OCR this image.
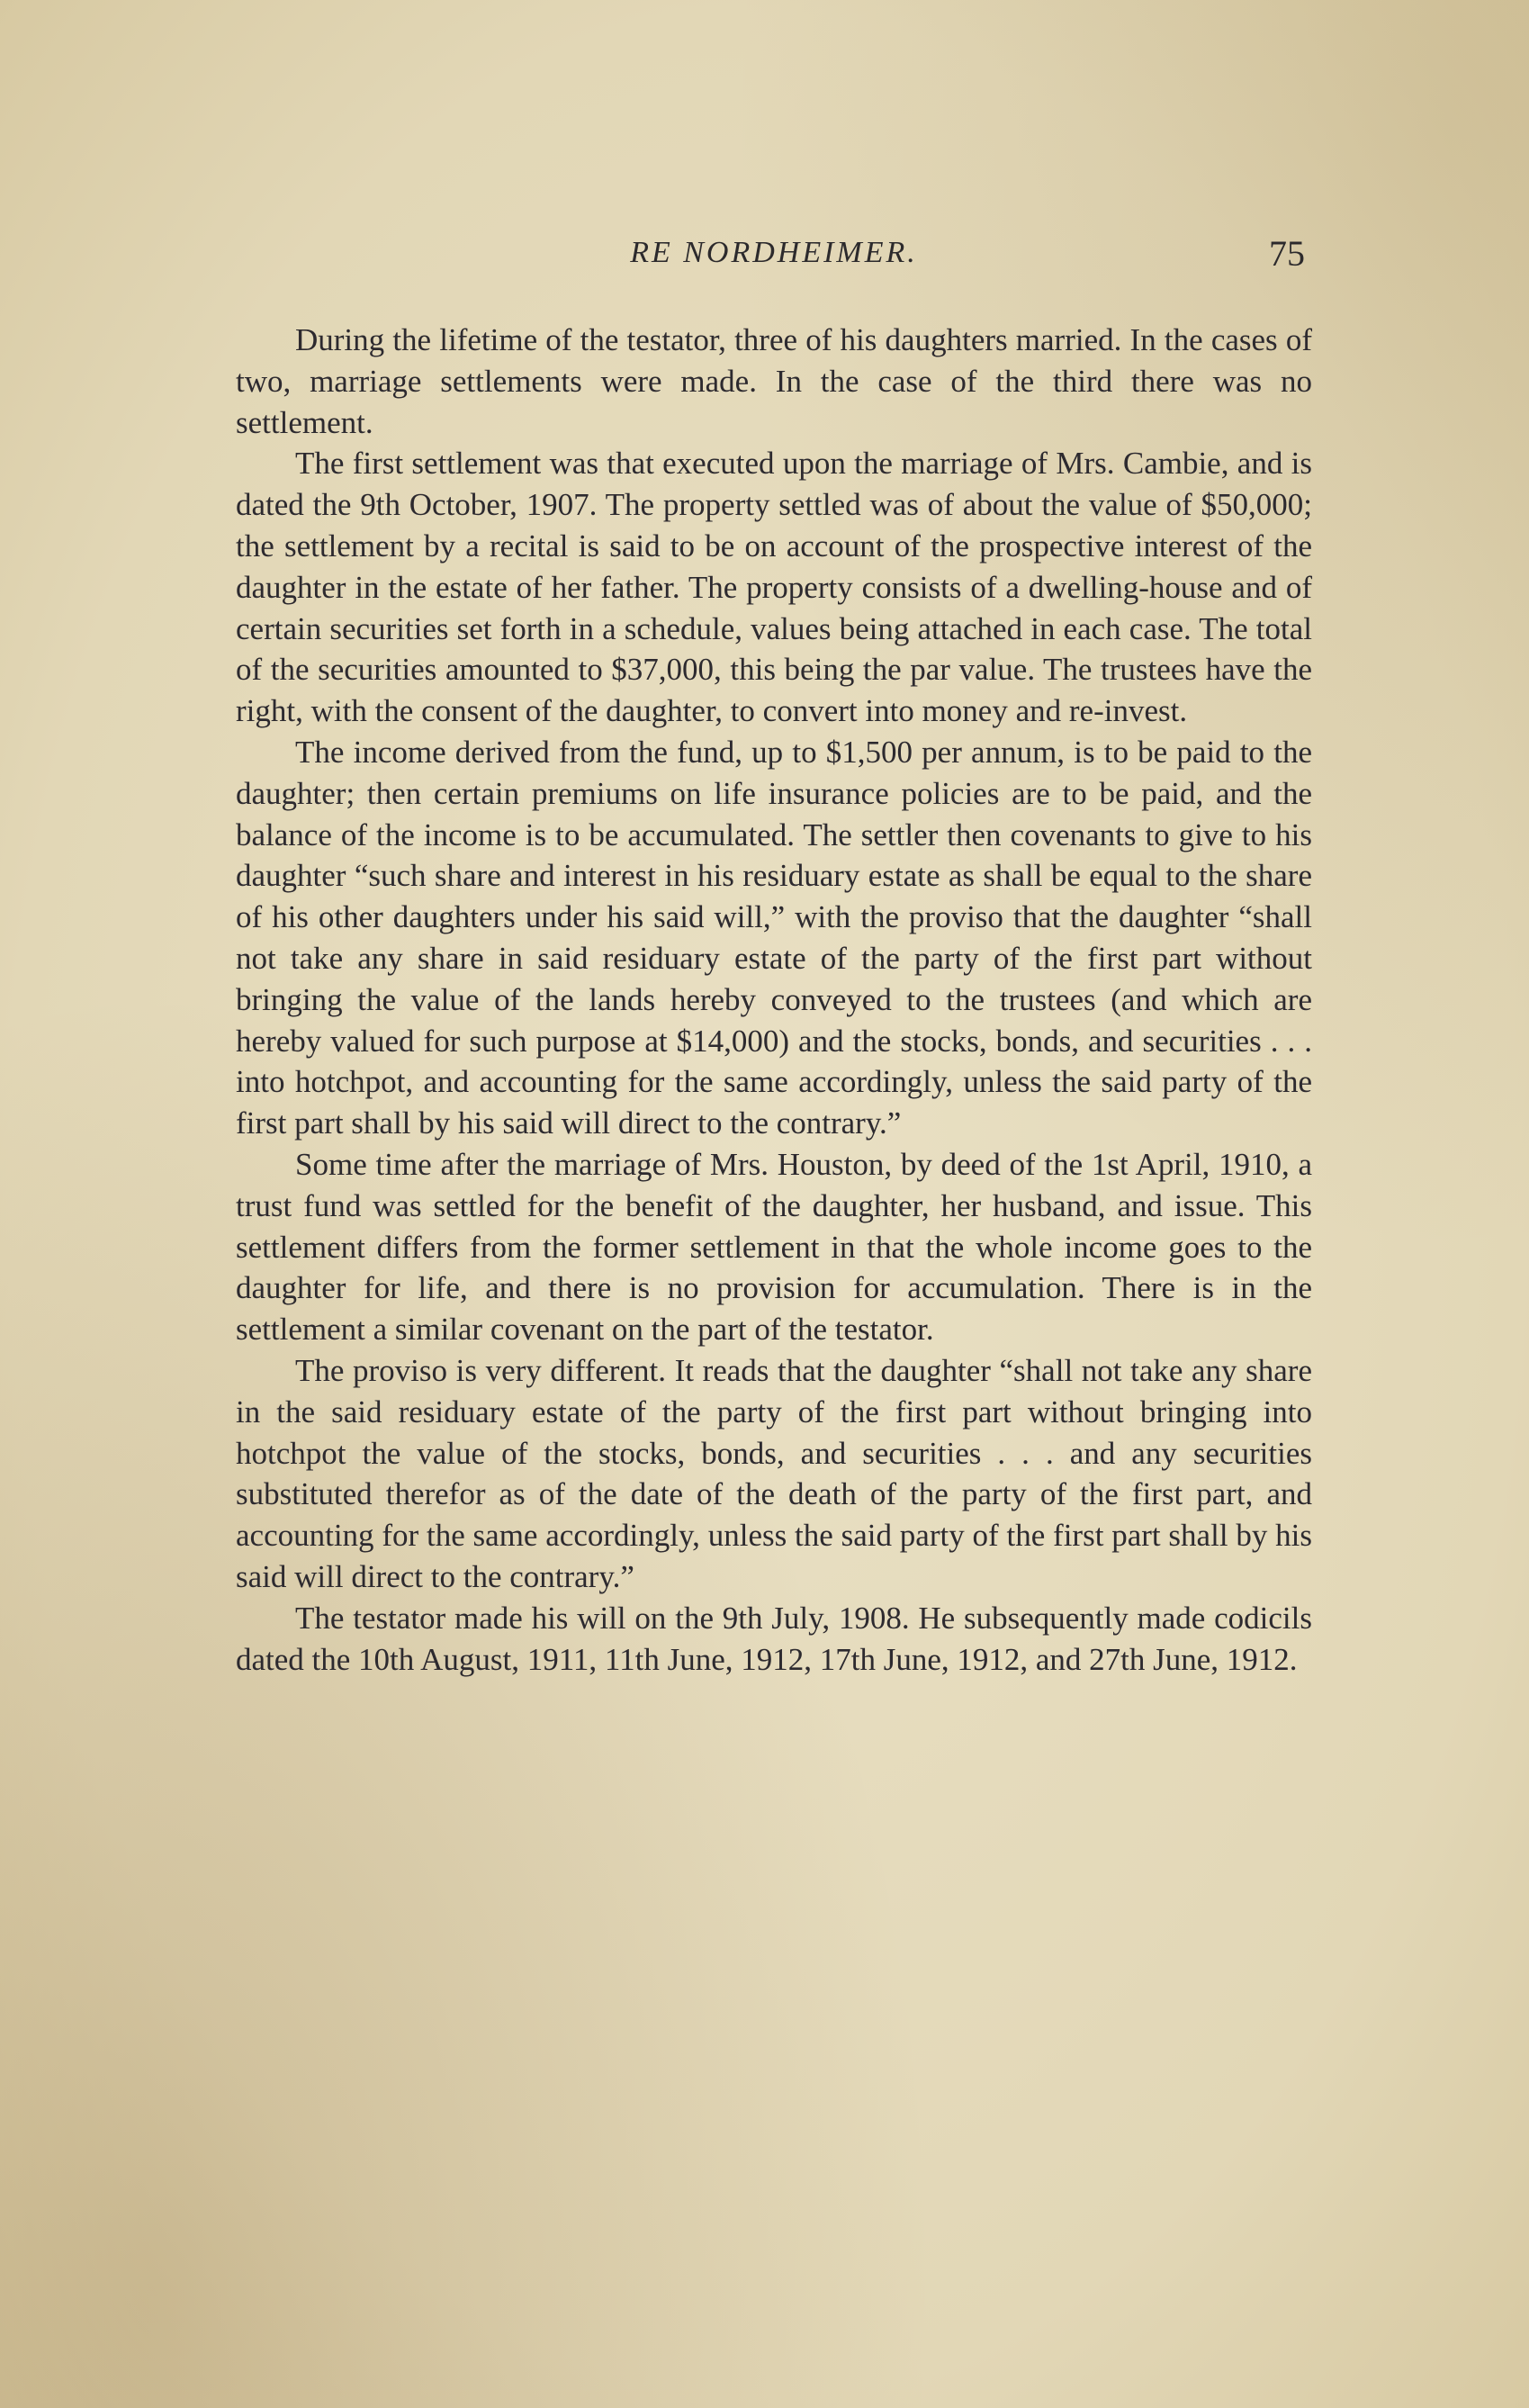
RE NORDHEIMER.	75

During the lifetime of the testator, three of his daughters married. In the cases of two, marriage settlements were made. In the case of the third there was no settlement.

The first settlement was that executed upon the marriage of Mrs. Cambie, and is dated the 9th October, 1907. The property settled was of about the value of $50,000; the settlement by a recital is said to be on account of the prospective interest of the daughter in the estate of her father. The property consists of a dwelling-house and of certain securities set forth in a schedule, values being attached in each case. The total of the securities amounted to $37,000, this being the par value. The trustees have the right, with the consent of the daughter, to convert into money and re-invest.

The income derived from the fund, up to $1,500 per annum, is to be paid to the daughter; then certain premiums on life insurance policies are to be paid, and the balance of the income is to be accumulated. The settler then covenants to give to his daughter “such share and interest in his residuary estate as shall be equal to the share of his other daughters under his said will,” with the proviso that the daughter “shall not take any share in said residuary estate of the party of the first part without bringing the value of the lands hereby conveyed to the trustees (and which are hereby valued for such purpose at $14,000) and the stocks, bonds, and securities . . . into hotchpot, and accounting for the same accordingly, unless the said party of the first part shall by his said will direct to the contrary.”

Some time after the marriage of Mrs. Houston, by deed of the 1st April, 1910, a trust fund was settled for the benefit of the daughter, her husband, and issue. This settlement differs from the former settlement in that the whole income goes to the daughter for life, and there is no provision for accumulation. There is in the settlement a similar covenant on the part of the testator.

The proviso is very different. It reads that the daughter “shall not take any share in the said residuary estate of the party of the first part without bringing into hotchpot the value of the stocks, bonds, and securities . . . and any securities substituted therefor as of the date of the death of the party of the first part, and accounting for the same accordingly, unless the said party of the first part shall by his said will direct to the contrary.”

The testator made his will on the 9th July, 1908. He subsequently made codicils dated the 10th August, 1911, 11th June, 1912, 17th June, 1912, and 27th June, 1912.
